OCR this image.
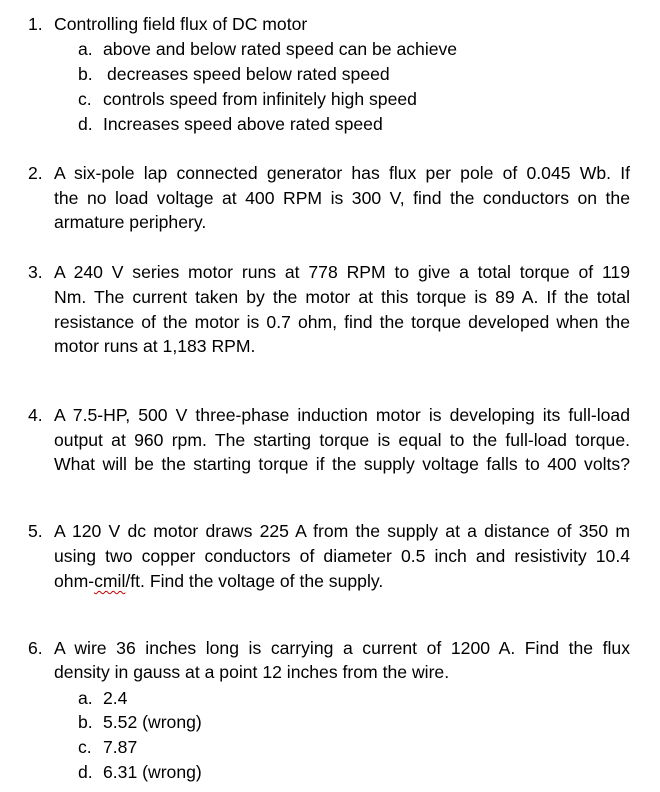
1. Controlling field flux of DC motor
a. above and below rated speed can be achieve
b. decreases speed below rated speed
c. controls speed from infinitely high speed
d. Increases speed above rated speed
2. A six-pole lap connected generator has flux per pole of 0.045 Wb. If
the no load voltage at 400 RPM is 300 V, find the conductors on the
armature periphery.
3. A 240 V series motor runs at 778 RPM to give a total torque of 119
Nm. The current taken by the motor at this torque is 89 A. If the total
resistance of the motor is 0.7 ohm, find the torque developed when the
motor runs at 1,183 RPM.
4. A 7.5-HP, 500 V three-phase induction motor is developing its full-load
output at 960 rpm. The starting torque is equal to the full-load torque.
What will be the starting torque if the supply voltage falls to 400 volts?
5. A 120 V dc motor draws 225 A from the supply at a distance of 350 m
using two copper conductors of diameter 0.5 inch and resistivity 10.4
ohm-cmil/ft. Find the voltage of the supply.
6. A wire 36 inches long is carrying a current of 1200 A. Find the flux
density in gauss at a point 12 inches from the wire.
a. 2.4
b. 5.52 (wrong)
c. 7.87
d. 6.31 (wrong)
